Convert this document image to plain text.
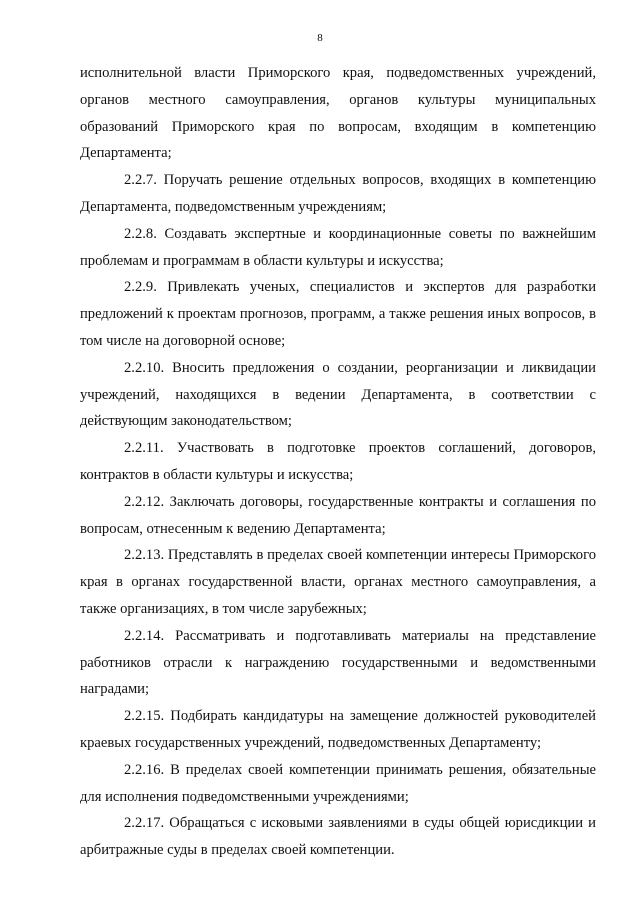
8

исполнительной власти Приморского края, подведомственных учреждений, органов местного самоуправления, органов культуры муниципальных образований Приморского края по вопросам, входящим в компетенцию Департамента;

2.2.7. Поручать решение отдельных вопросов, входящих в компетенцию Департамента, подведомственным учреждениям;

2.2.8. Создавать экспертные и координационные советы по важнейшим проблемам и программам в области культуры и искусства;

2.2.9. Привлекать ученых, специалистов и экспертов для разработки предложений к проектам прогнозов, программ, а также решения иных вопросов, в том числе на договорной основе;

2.2.10. Вносить предложения о создании, реорганизации и ликвидации учреждений, находящихся в ведении Департамента, в соответствии с действующим законодательством;

2.2.11. Участвовать в подготовке проектов соглашений, договоров, контрактов в области культуры и искусства;

2.2.12. Заключать договоры, государственные контракты и соглашения по вопросам, отнесенным к ведению Департамента;

2.2.13. Представлять в пределах своей компетенции интересы Приморского края в органах государственной власти, органах местного самоуправления, а также организациях, в том числе зарубежных;

2.2.14. Рассматривать и подготавливать материалы на представление работников отрасли к награждению государственными и ведомственными наградами;

2.2.15. Подбирать кандидатуры на замещение должностей руководителей краевых государственных учреждений, подведомственных Департаменту;

2.2.16. В пределах своей компетенции принимать решения, обязательные для исполнения подведомственными учреждениями;

2.2.17. Обращаться с исковыми заявлениями в суды общей юрисдикции и арбитражные суды в пределах своей компетенции.
